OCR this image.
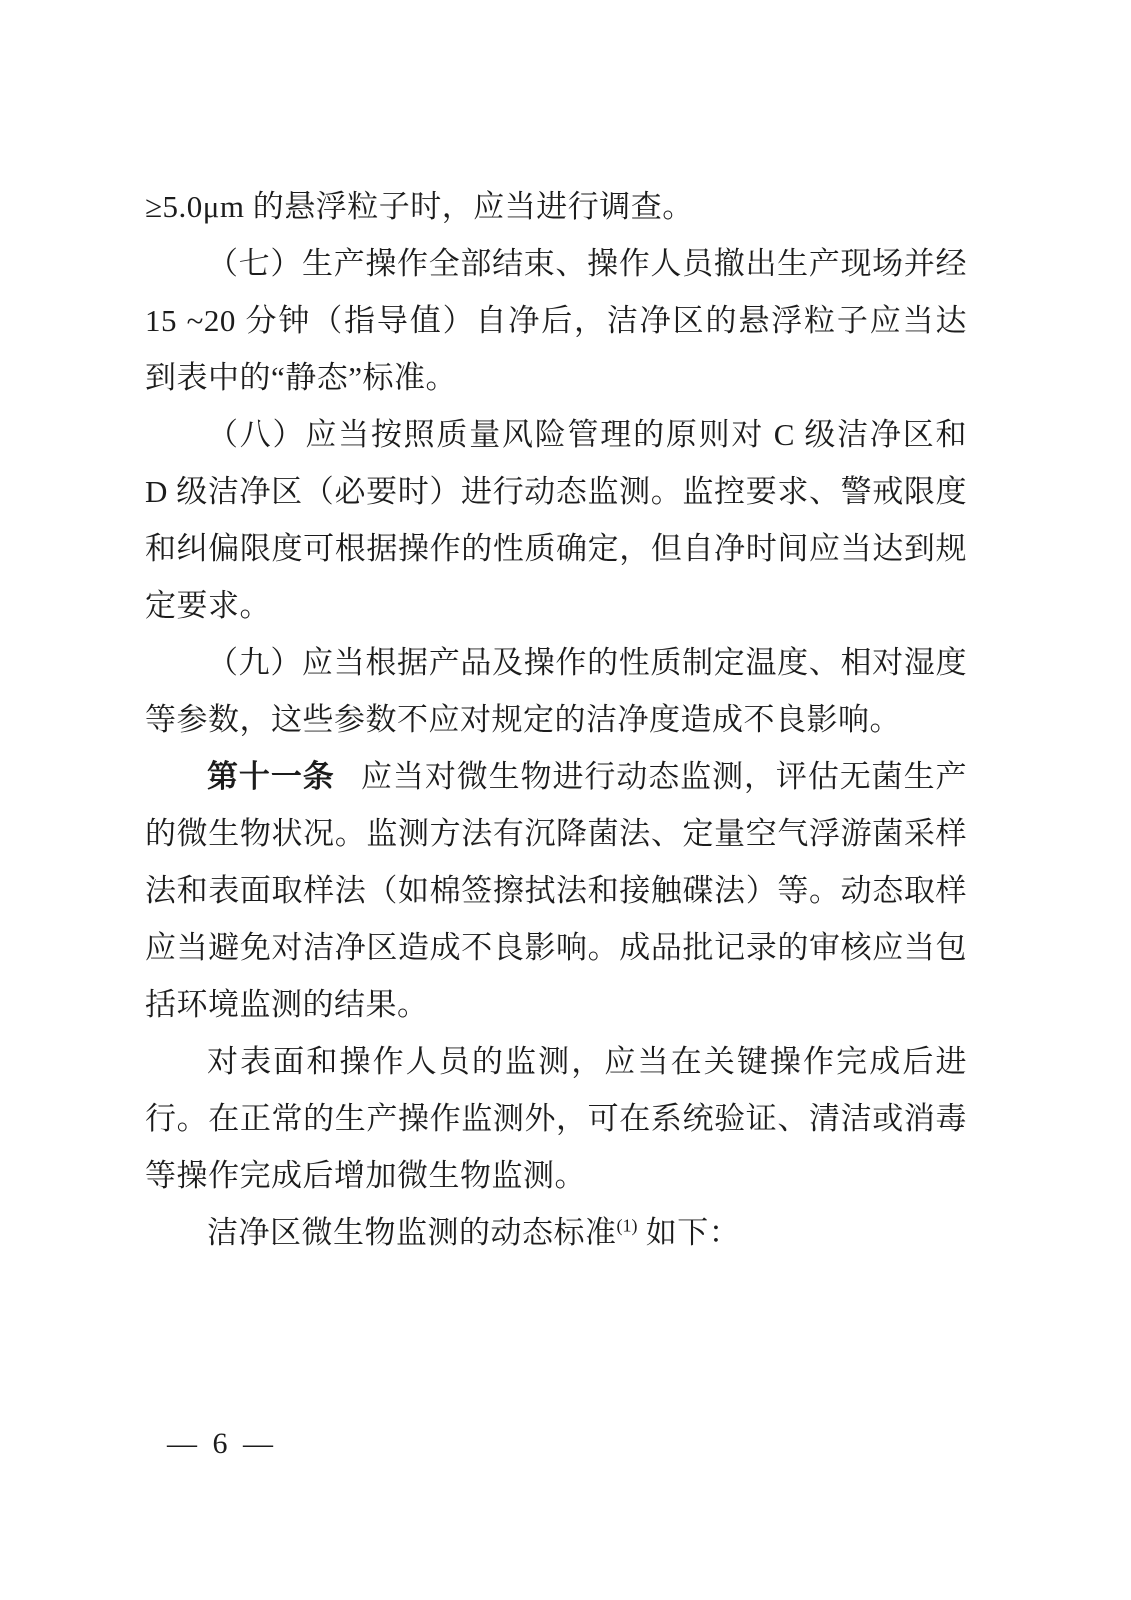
≥5.0μm 的悬浮粒子时，应当进行调查。

（七）生产操作全部结束、操作人员撤出生产现场并经 15 ~20 分钟（指导值）自净后，洁净区的悬浮粒子应当达到表中的“静态”标准。

（八）应当按照质量风险管理的原则对 C 级洁净区和 D 级洁净区（必要时）进行动态监测。监控要求、警戒限度和纠偏限度可根据操作的性质确定，但自净时间应当达到规定要求。

（九）应当根据产品及操作的性质制定温度、相对湿度等参数，这些参数不应对规定的洁净度造成不良影响。

第十一条 应当对微生物进行动态监测，评估无菌生产的微生物状况。监测方法有沉降菌法、定量空气浮游菌采样法和表面取样法（如棉签擦拭法和接触碟法）等。动态取样应当避免对洁净区造成不良影响。成品批记录的审核应当包括环境监测的结果。

对表面和操作人员的监测，应当在关键操作完成后进行。在正常的生产操作监测外，可在系统验证、清洁或消毒等操作完成后增加微生物监测。

洁净区微生物监测的动态标准$^{(1)}$ 如下：

— 6 —
